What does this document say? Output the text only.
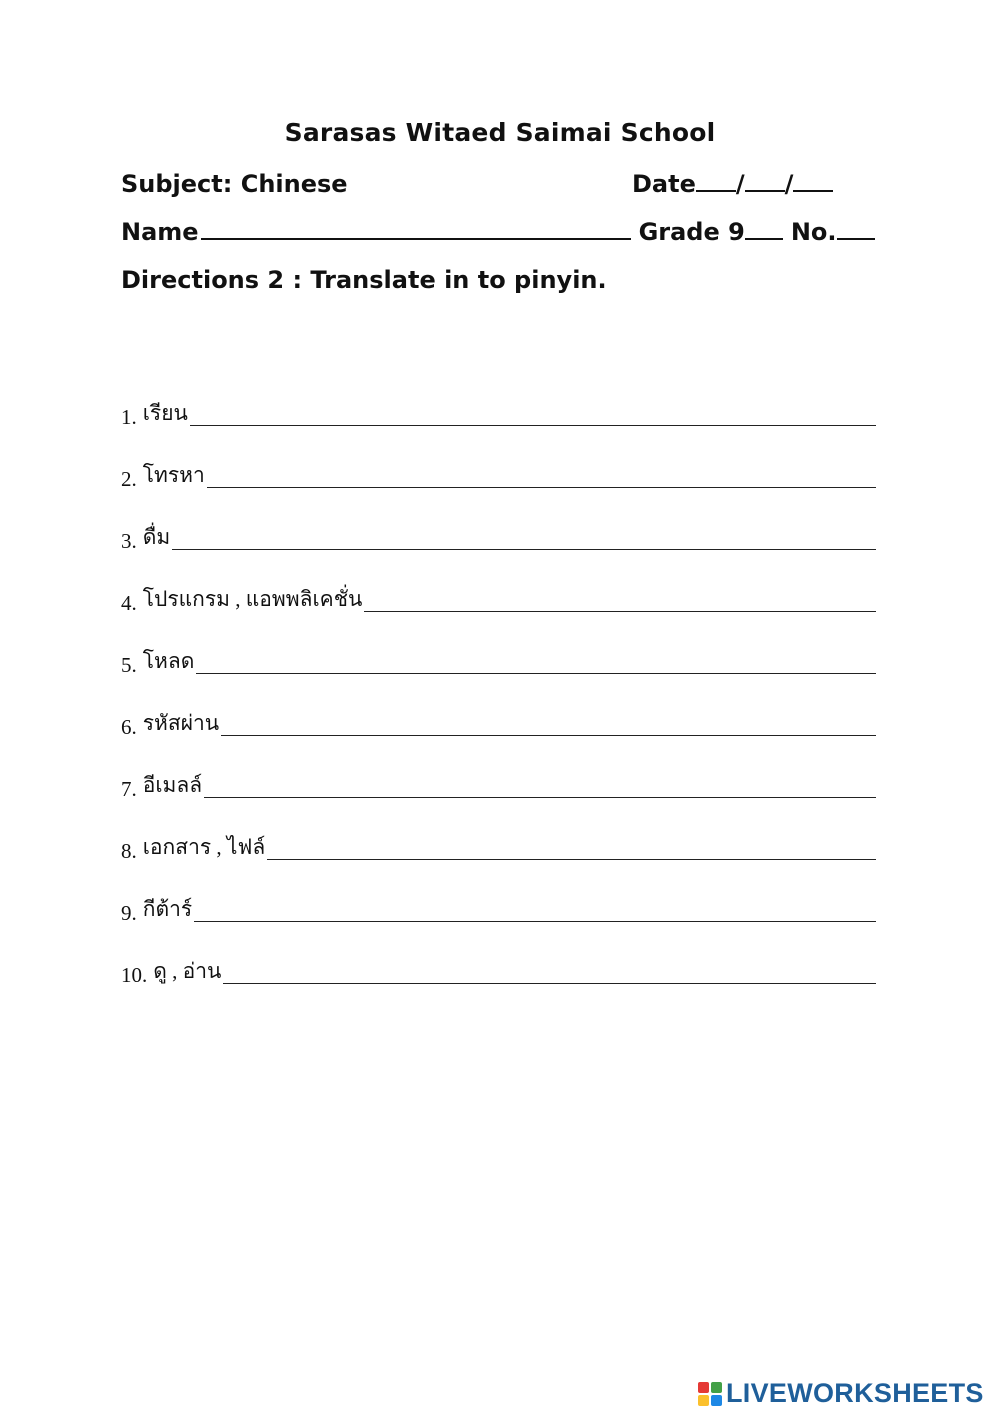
Sarasas Witaed Saimai School
Subject: Chinese	Date / /
Name	Grade 9 No.
Directions 2 : Translate in to pinyin.
1. เรียน
2. โทรหา
3. ดื่ม
4. โปรแกรม , แอพพลิเคชั่น
5. โหลด
6. รหัสผ่าน
7. อีเมลล์
8. เอกสาร , ไฟล์
9. กีต้าร์
10. ดู , อ่าน
LIVEWORKSHEETS
